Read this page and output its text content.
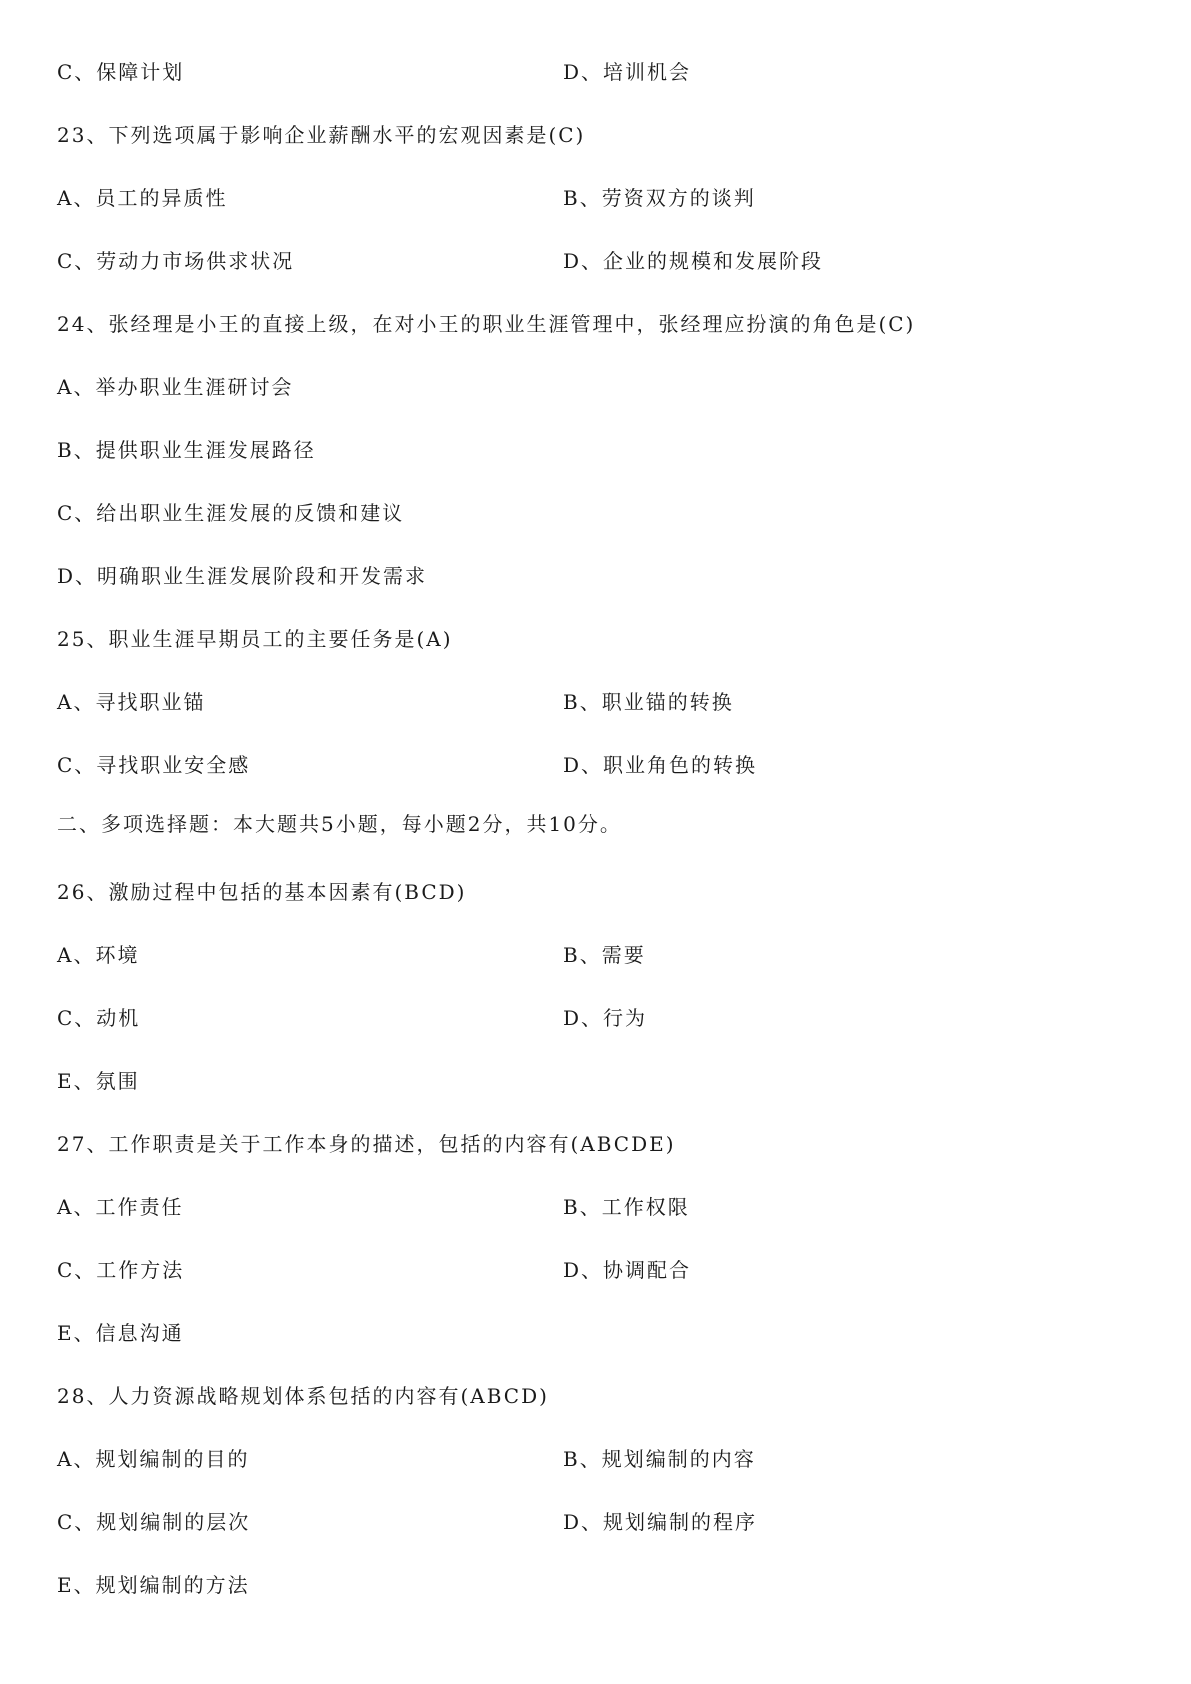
C、保障计划	D、培训机会
23、下列选项属于影响企业薪酬水平的宏观因素是(C)
A、员工的异质性	B、劳资双方的谈判
C、劳动力市场供求状况	D、企业的规模和发展阶段
24、张经理是小王的直接上级，在对小王的职业生涯管理中，张经理应扮演的角色是(C)
A、举办职业生涯研讨会
B、提供职业生涯发展路径
C、给出职业生涯发展的反馈和建议
D、明确职业生涯发展阶段和开发需求
25、职业生涯早期员工的主要任务是(A)
A、寻找职业锚	B、职业锚的转换
C、寻找职业安全感	D、职业角色的转换
二、多项选择题：本大题共5小题，每小题2分，共10分。
26、激励过程中包括的基本因素有(BCD)
A、环境	B、需要
C、动机	D、行为
E、氛围
27、工作职责是关于工作本身的描述，包括的内容有(ABCDE)
A、工作责任	B、工作权限
C、工作方法	D、协调配合
E、信息沟通
28、人力资源战略规划体系包括的内容有(ABCD)
A、规划编制的目的	B、规划编制的内容
C、规划编制的层次	D、规划编制的程序
E、规划编制的方法
